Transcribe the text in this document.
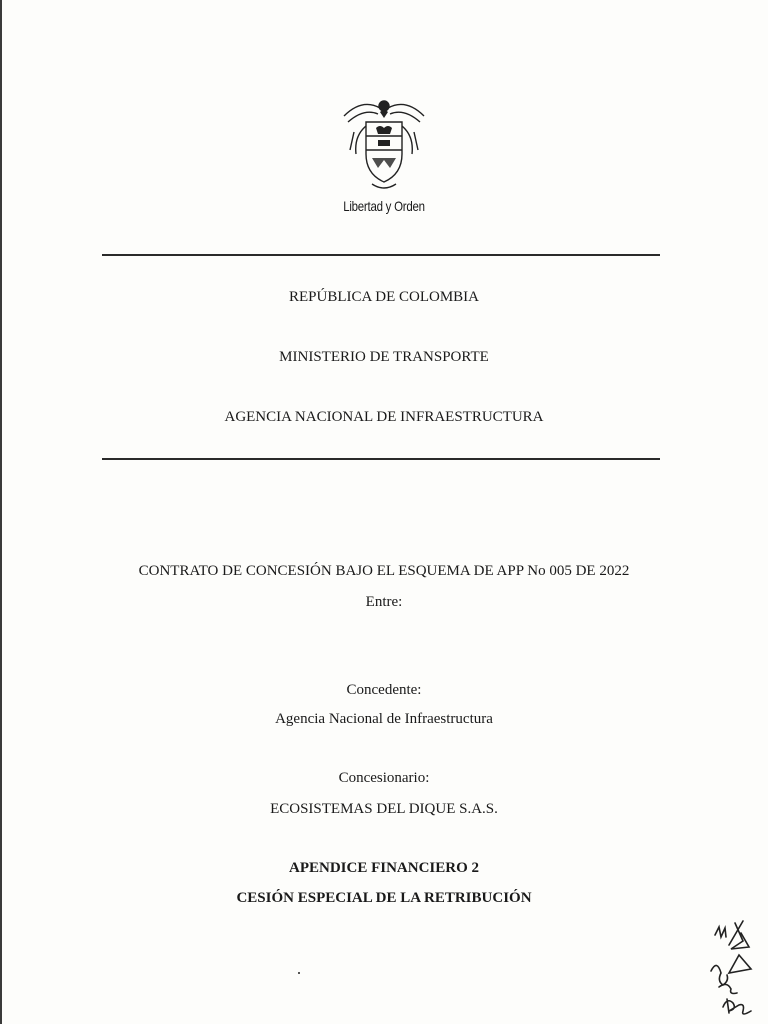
Libertad y Orden
REPÚBLICA DE COLOMBIA
MINISTERIO DE TRANSPORTE
AGENCIA NACIONAL DE INFRAESTRUCTURA
CONTRATO DE CONCESIÓN BAJO EL ESQUEMA DE APP No 005 DE 2022
Entre:
Concedente:
Agencia Nacional de Infraestructura
Concesionario:
ECOSISTEMAS DEL DIQUE S.A.S.
APENDICE FINANCIERO 2
CESIÓN ESPECIAL DE LA RETRIBUCIÓN
